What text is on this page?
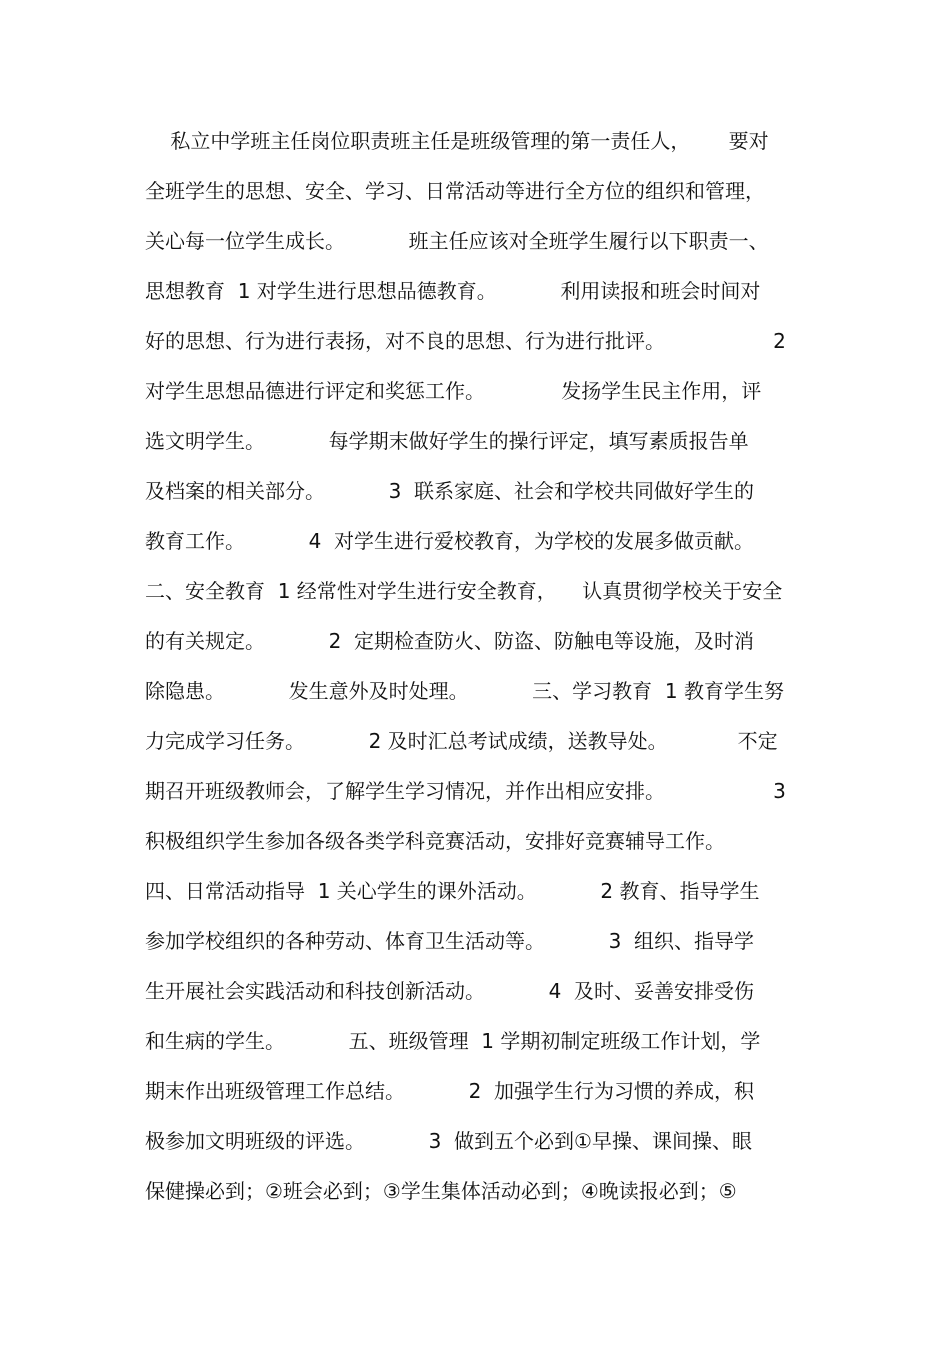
私立中学班主任岗位职责班主任是班级管理的第一责任人，      要对
全班学生的思想、安全、学习、日常活动等进行全方位的组织和管理，
关心每一位学生成长。          班主任应该对全班学生履行以下职责一、
思想教育  1 对学生进行思想品德教育。          利用读报和班会时间对
好的思想、行为进行表扬，对不良的思想、行为进行批评。                 2
对学生思想品德进行评定和奖惩工作。            发扬学生民主作用，评
选文明学生。          每学期末做好学生的操行评定，填写素质报告单
及档案的相关部分。          3  联系家庭、社会和学校共同做好学生的
教育工作。          4  对学生进行爱校教育，为学校的发展多做贡献。
二、安全教育  1 经常性对学生进行安全教育，    认真贯彻学校关于安全
的有关规定。          2  定期检查防火、防盗、防触电等设施，及时消
除隐患。          发生意外及时处理。          三、学习教育  1 教育学生努
力完成学习任务。          2 及时汇总考试成绩，送教导处。           不定
期召开班级教师会，了解学生学习情况，并作出相应安排。                 3
积极组织学生参加各级各类学科竞赛活动，安排好竞赛辅导工作。
四、日常活动指导  1 关心学生的课外活动。          2 教育、指导学生
参加学校组织的各种劳动、体育卫生活动等。          3  组织、指导学
生开展社会实践活动和科技创新活动。          4  及时、妥善安排受伤
和生病的学生。          五、班级管理  1 学期初制定班级工作计划，学
期末作出班级管理工作总结。          2  加强学生行为习惯的养成，积
极参加文明班级的评选。          3  做到五个必到①早操、课间操、眼
保健操必到；②班会必到；③学生集体活动必到；④晚读报必到；⑤
